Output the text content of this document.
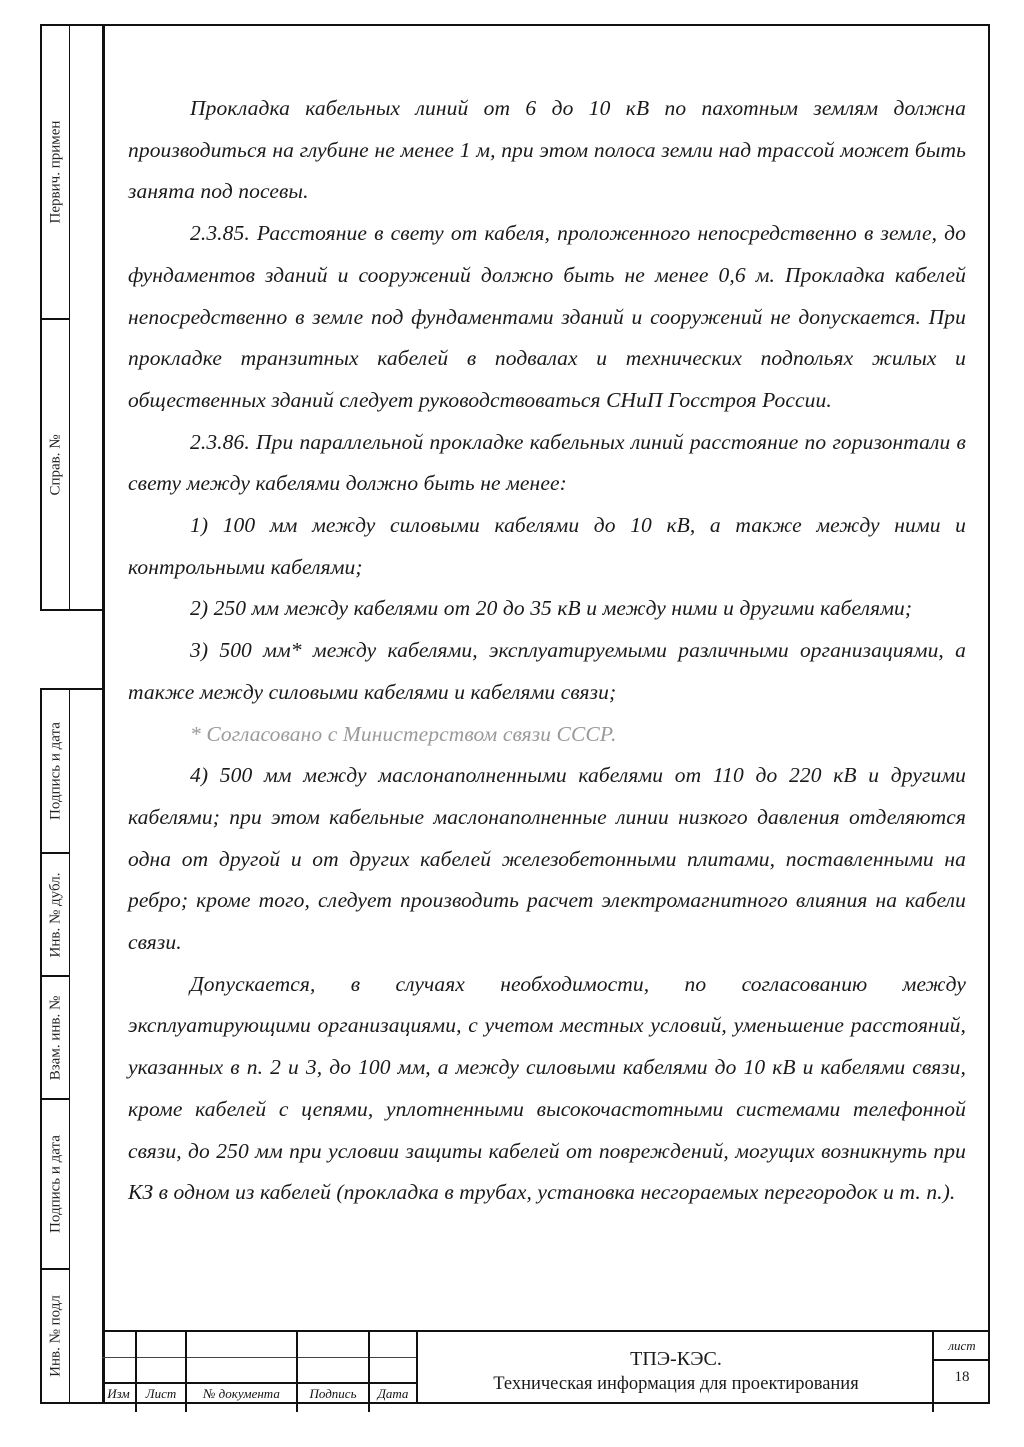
Первич. примен
Справ. №
Подпись и дата
Инв. № дубл.
Взам. инв. №
Подпись и дата
Инв. № подл

Прокладка кабельных линий от 6 до 10 кВ по пахотным землям должна производиться на глубине не менее 1 м, при этом полоса земли над трассой может быть занята под посевы.

2.3.85. Расстояние в свету от кабеля, проложенного непосредственно в земле, до фундаментов зданий и сооружений должно быть не менее 0,6 м. Прокладка кабелей непосредственно в земле под фундаментами зданий и сооружений не допускается. При прокладке транзитных кабелей в подвалах и технических подпольях жилых и общественных зданий следует руководствоваться СНиП Госстроя России.

2.3.86. При параллельной прокладке кабельных линий расстояние по горизонтали в свету между кабелями должно быть не менее:

1) 100 мм между силовыми кабелями до 10 кВ, а также между ними и контрольными кабелями;

2) 250 мм между кабелями от 20 до 35 кВ и между ними и другими кабелями;

3) 500 мм* между кабелями, эксплуатируемыми различными организациями, а также между силовыми кабелями и кабелями связи;

* Согласовано с Министерством связи СССР.

4) 500 мм между маслонаполненными кабелями от 110 до 220 кВ и другими кабелями; при этом кабельные маслонаполненные линии низкого давления отделяются одна от другой и от других кабелей железобетонными плитами, поставленными на ребро; кроме того, следует производить расчет электромагнитного влияния на кабели связи.

Допускается, в случаях необходимости, по согласованию между эксплуатирующими организациями, с учетом местных условий, уменьшение расстояний, указанных в п. 2 и 3, до 100 мм, а между силовыми кабелями до 10 кВ и кабелями связи, кроме кабелей с цепями, уплотненными высокочастотными системами телефонной связи, до 250 мм при условии защиты кабелей от повреждений, могущих возникнуть при КЗ в одном из кабелей (прокладка в трубах, установка несгораемых перегородок и т. п.).

Изм	Лист	№ документа	Подпись	Дата
ТПЭ-КЭС.
Техническая информация для проектирования
лист
18
